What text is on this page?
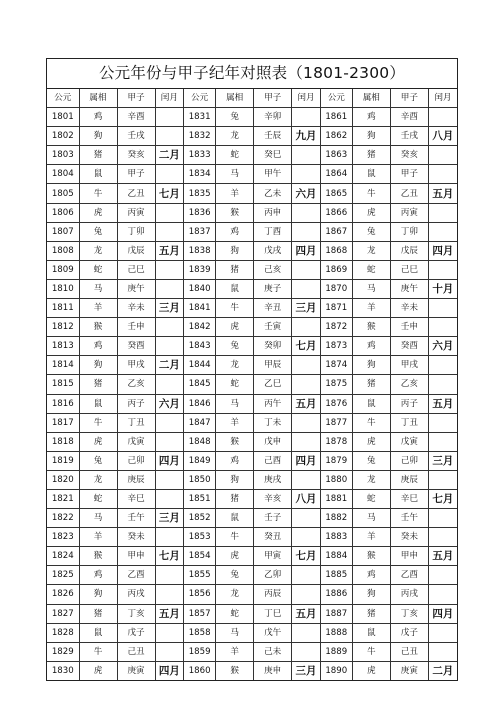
公元年份与甲子纪年对照表（1801-2300）
公元	属相	甲子	闰月	公元	属相	甲子	闰月	公元	属相	甲子	闰月
1801	鸡	辛酉		1831	兔	辛卯		1861	鸡	辛酉	
1802	狗	壬戌		1832	龙	壬辰	九月	1862	狗	壬戌	八月
1803	猪	癸亥	二月	1833	蛇	癸巳		1863	猪	癸亥	
1804	鼠	甲子		1834	马	甲午		1864	鼠	甲子	
1805	牛	乙丑	七月	1835	羊	乙未	六月	1865	牛	乙丑	五月
1806	虎	丙寅		1836	猴	丙申		1866	虎	丙寅	
1807	兔	丁卯		1837	鸡	丁酉		1867	兔	丁卯	
1808	龙	戊辰	五月	1838	狗	戊戌	四月	1868	龙	戊辰	四月
1809	蛇	己巳		1839	猪	己亥		1869	蛇	己巳	
1810	马	庚午		1840	鼠	庚子		1870	马	庚午	十月
1811	羊	辛未	三月	1841	牛	辛丑	三月	1871	羊	辛未	
1812	猴	壬申		1842	虎	壬寅		1872	猴	壬申	
1813	鸡	癸酉		1843	兔	癸卯	七月	1873	鸡	癸酉	六月
1814	狗	甲戌	二月	1844	龙	甲辰		1874	狗	甲戌	
1815	猪	乙亥		1845	蛇	乙巳		1875	猪	乙亥	
1816	鼠	丙子	六月	1846	马	丙午	五月	1876	鼠	丙子	五月
1817	牛	丁丑		1847	羊	丁未		1877	牛	丁丑	
1818	虎	戊寅		1848	猴	戊申		1878	虎	戊寅	
1819	兔	己卯	四月	1849	鸡	己酉	四月	1879	兔	己卯	三月
1820	龙	庚辰		1850	狗	庚戌		1880	龙	庚辰	
1821	蛇	辛巳		1851	猪	辛亥	八月	1881	蛇	辛巳	七月
1822	马	壬午	三月	1852	鼠	壬子		1882	马	壬午	
1823	羊	癸未		1853	牛	癸丑		1883	羊	癸未	
1824	猴	甲申	七月	1854	虎	甲寅	七月	1884	猴	甲申	五月
1825	鸡	乙酉		1855	兔	乙卯		1885	鸡	乙酉	
1826	狗	丙戌		1856	龙	丙辰		1886	狗	丙戌	
1827	猪	丁亥	五月	1857	蛇	丁巳	五月	1887	猪	丁亥	四月
1828	鼠	戊子		1858	马	戊午		1888	鼠	戊子	
1829	牛	己丑		1859	羊	己未		1889	牛	己丑	
1830	虎	庚寅	四月	1860	猴	庚申	三月	1890	虎	庚寅	二月
